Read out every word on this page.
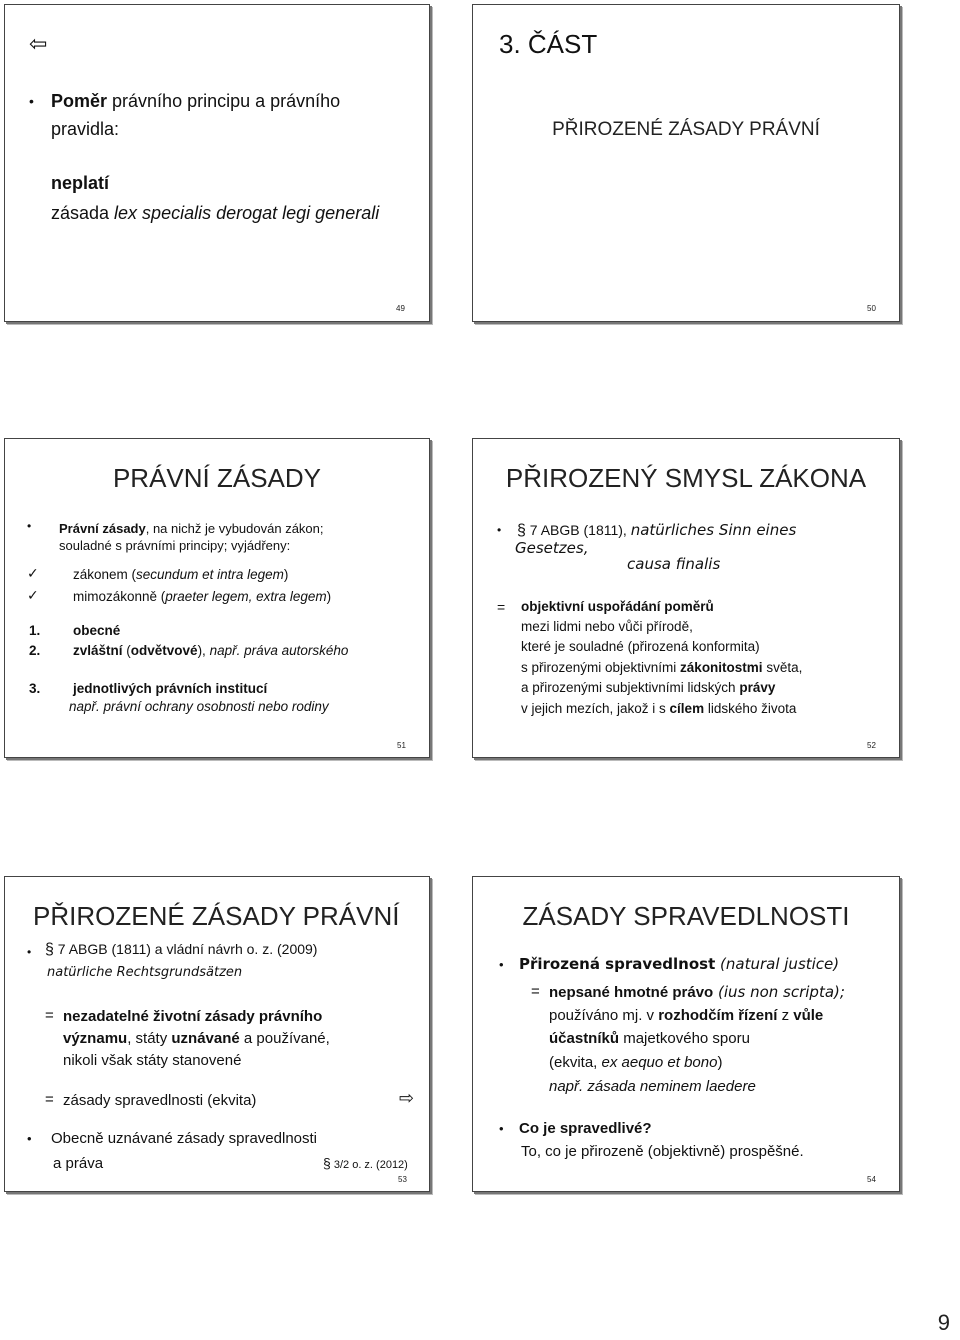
⇦
• Poměr právního principu a právního
pravidla:
neplatí
zásada lex specialis derogat legi generali
49
3. ČÁST
PŘIROZENÉ ZÁSADY PRÁVNÍ
50
PRÁVNÍ ZÁSADY
• Právní zásady, na nichž je vybudován zákon;
souladné s právními principy; vyjádřeny:
✓	zákonem (secundum et intra legem)
✓	mimozákonně (praeter legem, extra legem)
1. obecné
2. zvláštní (odvětvové), např. práva autorského
3. jednotlivých právních institucí
např. právní ochrany osobnosti nebo rodiny
51
PŘIROZENÝ SMYSL ZÁKONA
• § 7 ABGB (1811), natürliches Sinn eines
Gesetzes,
causa finalis
= objektivní uspořádání poměrů
mezi lidmi nebo vůči přírodě,
které je souladné (přirozená konformita)
s přirozenými objektivními zákonitostmi světa,
a přirozenými subjektivními lidských právy
v jejich mezích, jakož i s cílem lidského života
52
PŘIROZENÉ ZÁSADY PRÁVNÍ
• § 7 ABGB (1811) a vládní návrh o. z. (2009)
natürliche Rechtsgrundsätzen
= nezadatelné životní zásady právního
významu, státy uznávané a používané,
nikoli však státy stanovené
= zásady spravedlnosti (ekvita)	⇨
• Obecně uznávané zásady spravedlnosti
a práva	§ 3/2 o. z. (2012)
53
ZÁSADY SPRAVEDLNOSTI
• Přirozená spravedlnost (natural justice)
= nepsané hmotné právo (ius non scripta);
používáno mj. v rozhodčím řízení z vůle
účastníků majetkového sporu
(ekvita, ex aequo et bono)
např. zásada neminem laedere
• Co je spravedlivé?
To, co je přirozeně (objektivně) prospěšné.
54
9
